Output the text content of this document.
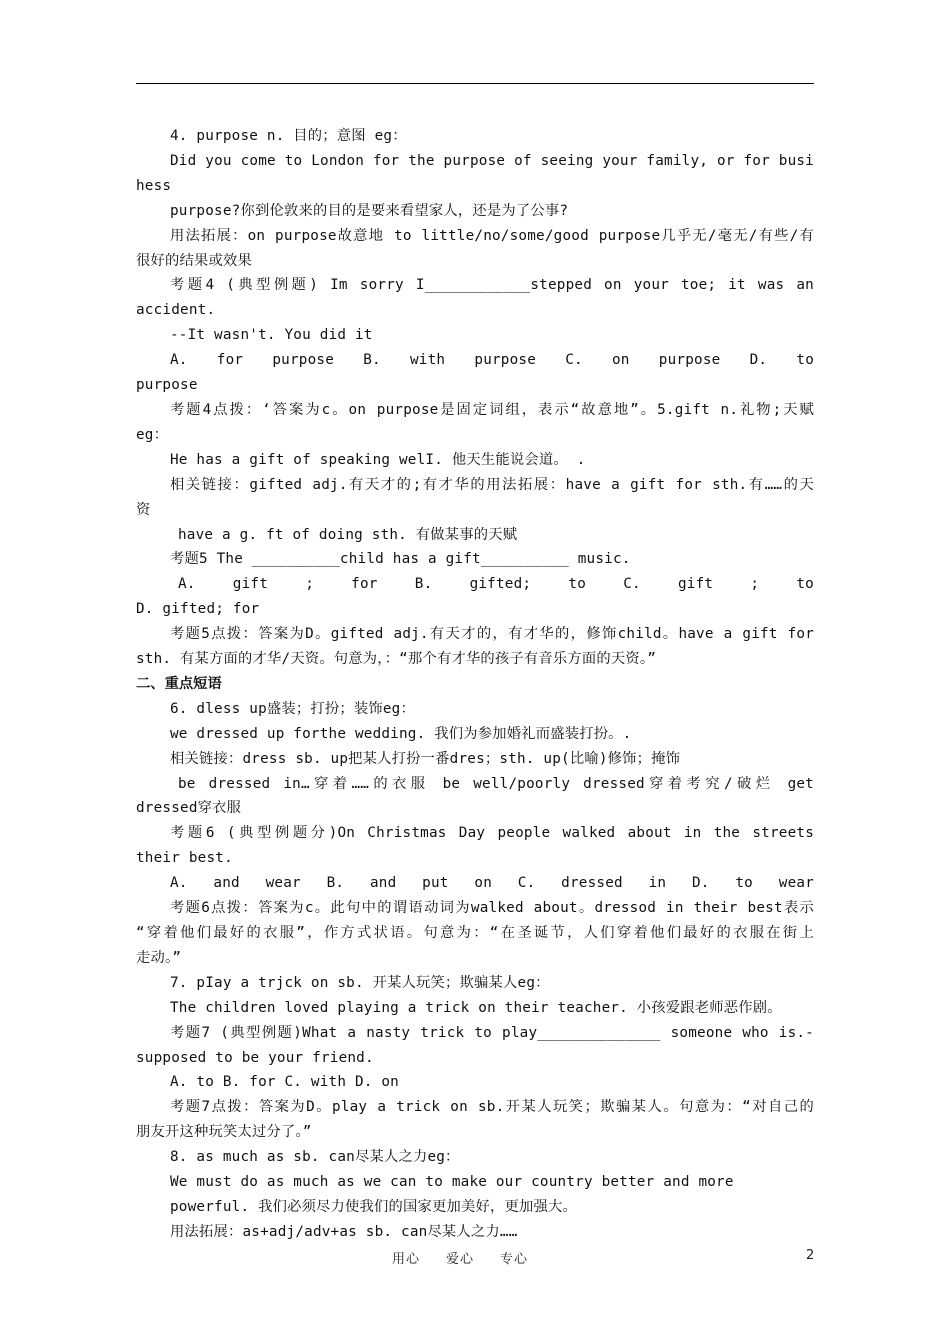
4. purpose n. 目的；意图 eg：

Did you come to London for the purpose of seeing your family, or for busihess

purpose?你到伦敦来的目的是要来看望家人，还是为了公事?

用法拓展：on purpose故意地 to little/no/some/good purpose几乎无/毫无/有些/有

很好的结果或效果

考题4 (典型例题) Im sorry I____________stepped on your toe; it was an

accident.

--It wasn't. You did it

A. for purpose B. with purpose C. on purpose D. to

purpose

考题4点拨：‘答案为c。on purpose是固定词组，表示“故意地”。5.gift n.礼物;天赋

eg：

He has a gift of speaking welI. 他天生能说会道。 .

相关链接：gifted adj.有天才的;有才华的用法拓展：have a gift for sth.有……的天

资

have a g. ft of doing sth. 有做某事的天赋

考题5 The __________child has a gift__________ music.

A. gift ; for B. gifted; to C. gift ; to

D. gifted; for

考题5点拨：答案为D。gifted adj.有天才的，有才华的，修饰child。have a gift for

sth. 有某方面的才华/天资。句意为，：“那个有才华的孩子有音乐方面的天资。”

二、重点短语

6. dless up盛装；打扮；装饰eg：

we dressed up forthe wedding. 我们为参加婚礼而盛装打扮。.

相关链接：dress sb. up把某人打扮一番dres；sth. up(比喻)修饰；掩饰

be dressed in…穿着……的衣服 be well/poorly dressed穿着考究/破烂 get

dressed穿衣服

考题6 (典型例题分)On Christmas Day people walked about in the streets

their best.

A. and wear B. and put on C. dressed in D. to wear

考题6点拨：答案为c。此句中的谓语动词为walked about。dressod in their best表示

“穿着他们最好的衣服”，作方式状语。句意为：“在圣诞节，人们穿着他们最好的衣服在街上

走动。”

7. pIay a trjck on sb. 开某人玩笑；欺骗某人eg：

The children loved playing a trick on their teacher. 小孩爱跟老师恶作剧。

考题7 (典型例题)What a nasty trick to play______________ someone who is.-

supposed to be your friend.

A. to B. for C. with D. on

考题7点拨：答案为D。play a trick on sb.开某人玩笑；欺骗某人。句意为：“对自己的

朋友开这种玩笑太过分了。”

8. as much as sb. can尽某人之力eg：

We must do as much as we can to make our country better and more

powerful. 我们必须尽力使我们的国家更加美好，更加强大。

用法拓展：as+adj/adv+as sb. can尽某人之力……

用心 爱心 专心	2
